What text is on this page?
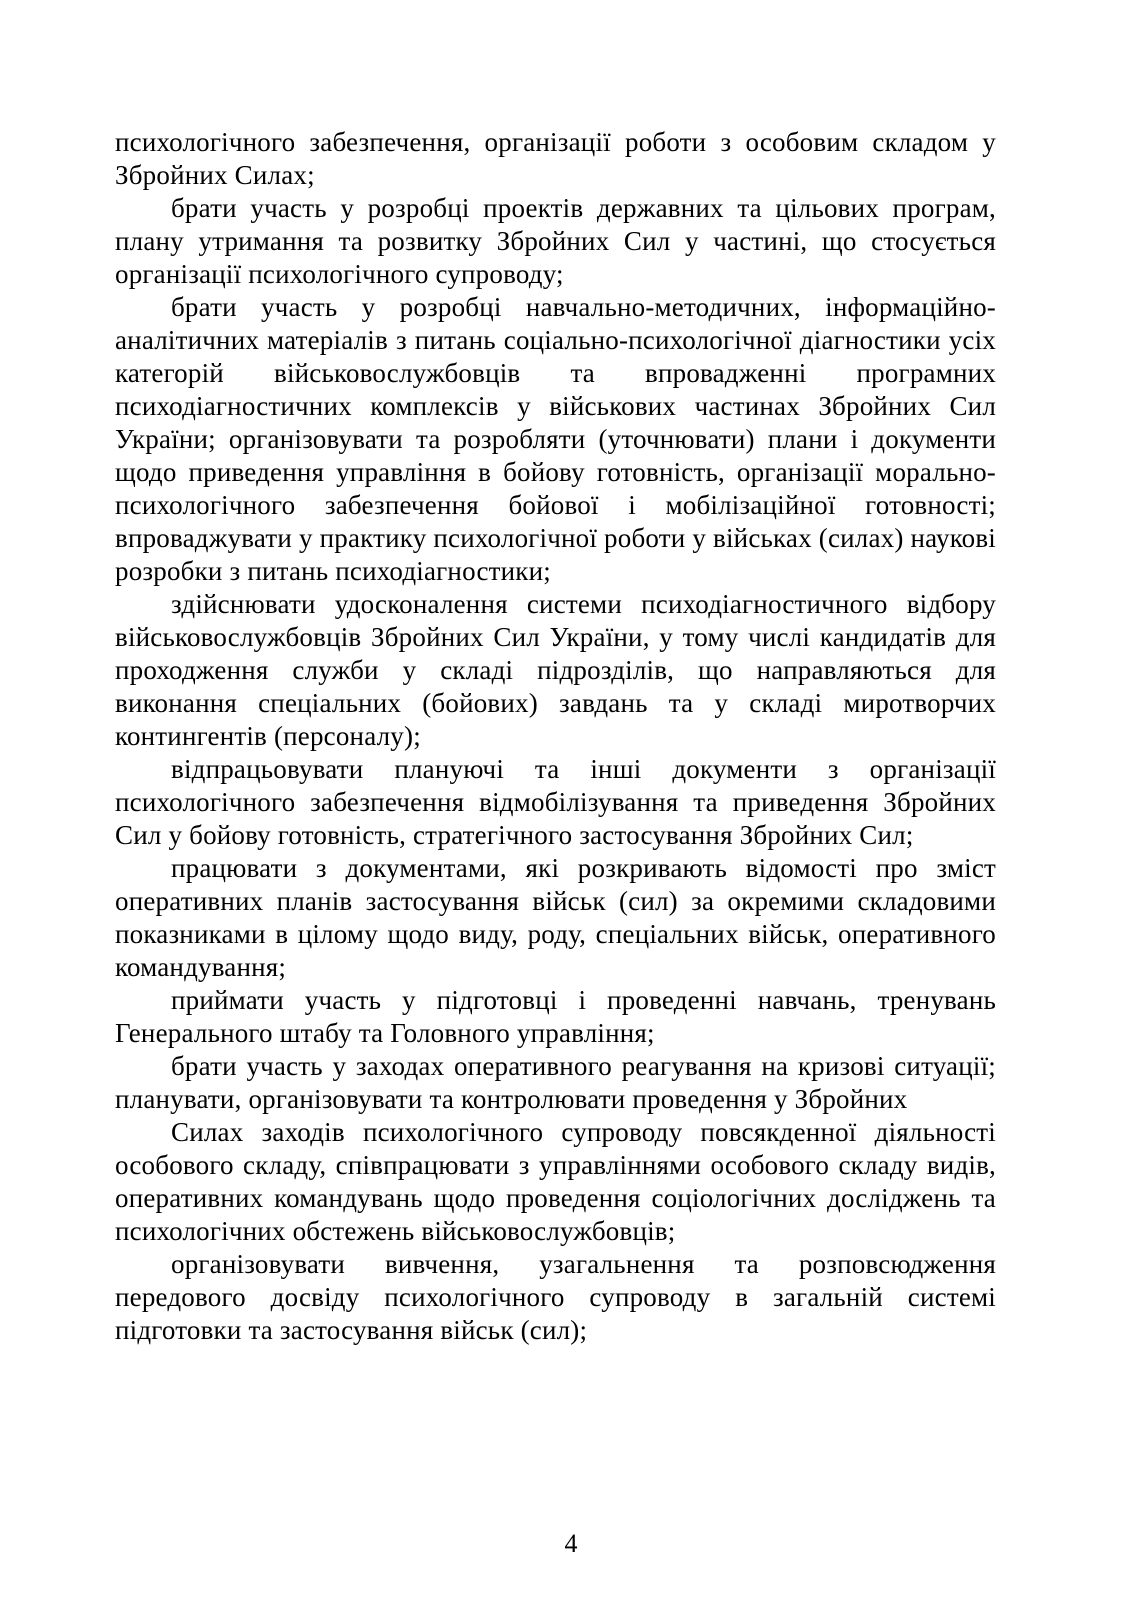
психологічного забезпечення, організації роботи з особовим складом у Збройних Силах;

брати участь у розробці проектів державних та цільових програм, плану утримання та розвитку Збройних Сил у частині, що стосується організації психологічного супроводу;

брати участь у розробці навчально-методичних, інформаційно-аналітичних матеріалів з питань соціально-психологічної діагностики усіх категорій військовослужбовців та впровадженні програмних психодіагностичних комплексів у військових частинах Збройних Сил України; організовувати та розробляти (уточнювати) плани і документи щодо приведення управління в бойову готовність, організації морально-психологічного забезпечення бойової і мобілізаційної готовності; впроваджувати у практику психологічної роботи у військах (силах) наукові розробки з питань психодіагностики;

здійснювати удосконалення системи психодіагностичного відбору військовослужбовців Збройних Сил України, у тому числі кандидатів для проходження служби у складі підрозділів, що направляються для виконання спеціальних (бойових) завдань та у складі миротворчих контингентів (персоналу);

відпрацьовувати плануючі та інші документи з організації психологічного забезпечення відмобілізування та приведення Збройних Сил у бойову готовність, стратегічного застосування Збройних Сил;

працювати з документами, які розкривають відомості про зміст оперативних планів застосування військ (сил) за окремими складовими показниками в цілому щодо виду, роду, спеціальних військ, оперативного командування;

приймати участь у підготовці і проведенні навчань, тренувань Генерального штабу та Головного управління;

брати участь у заходах оперативного реагування на кризові ситуації; планувати, організовувати та контролювати проведення у Збройних

Силах заходів психологічного супроводу повсякденної діяльності особового складу, співпрацювати з управліннями особового складу видів, оперативних командувань щодо проведення соціологічних досліджень та психологічних обстежень військовослужбовців;

організовувати вивчення, узагальнення та розповсюдження передового досвіду психологічного супроводу в загальній системі підготовки та застосування військ (сил);

4
